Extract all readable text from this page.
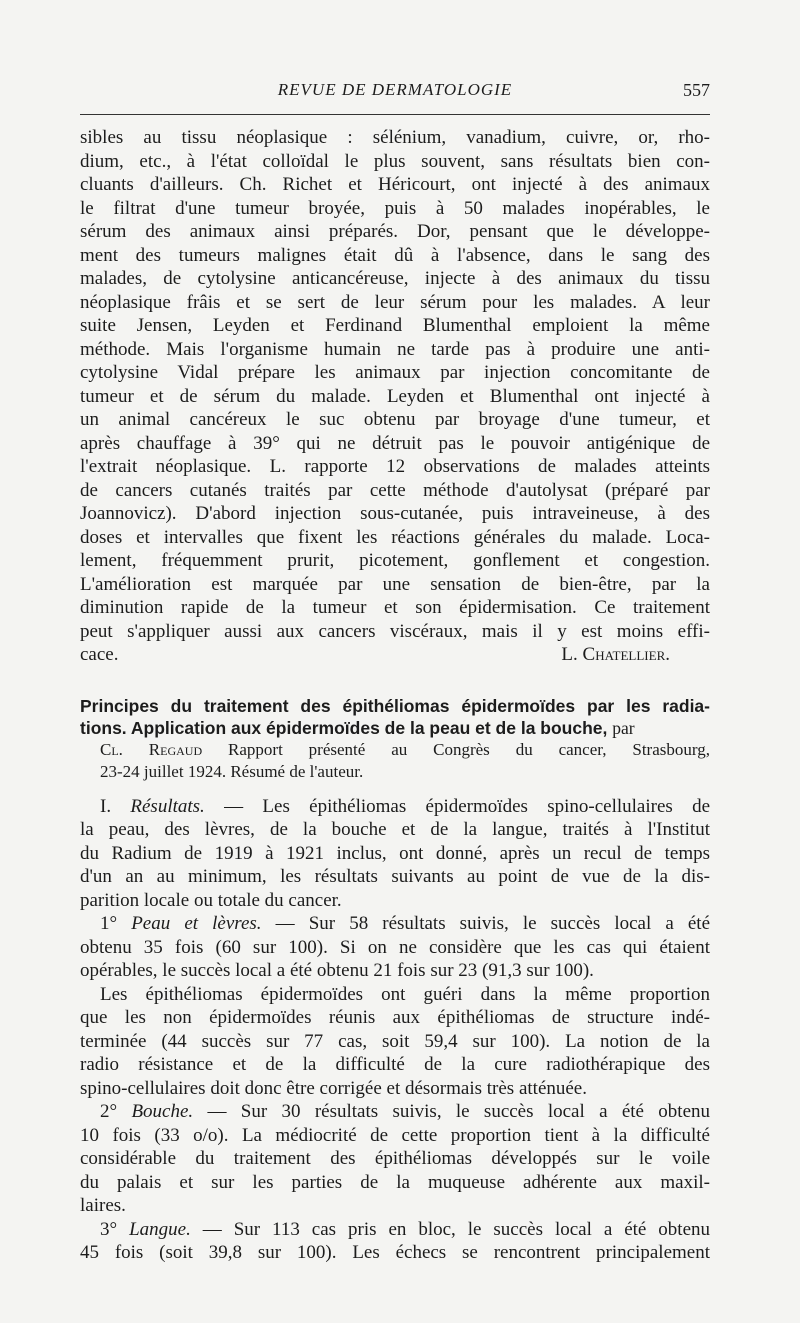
REVUE DE DERMATOLOGIE	557
sibles au tissu néoplasique : sélénium, vanadium, cuivre, or, rho-
dium, etc., à l'état colloïdal le plus souvent, sans résultats bien con-
cluants d'ailleurs. Ch. Richet et Héricourt, ont injecté à des animaux
le filtrat d'une tumeur broyée, puis à 50 malades inopérables, le
sérum des animaux ainsi préparés. Dor, pensant que le développe-
ment des tumeurs malignes était dû à l'absence, dans le sang des
malades, de cytolysine anticancéreuse, injecte à des animaux du tissu
néoplasique frâis et se sert de leur sérum pour les malades. A leur
suite Jensen, Leyden et Ferdinand Blumenthal emploient la même
méthode. Mais l'organisme humain ne tarde pas à produire une anti-
cytolysine Vidal prépare les animaux par injection concomitante de
tumeur et de sérum du malade. Leyden et Blumenthal ont injecté à
un animal cancéreux le suc obtenu par broyage d'une tumeur, et
après chauffage à 39° qui ne détruit pas le pouvoir antigénique de
l'extrait néoplasique. L. rapporte 12 observations de malades atteints
de cancers cutanés traités par cette méthode d'autolysat (préparé par
Joannovicz). D'abord injection sous-cutanée, puis intraveineuse, à des
doses et intervalles que fixent les réactions générales du malade. Loca-
lement, fréquemment prurit, picotement, gonflement et congestion.
L'amélioration est marquée par une sensation de bien-être, par la
diminution rapide de la tumeur et son épidermisation. Ce traitement
peut s'appliquer aussi aux cancers viscéraux, mais il y est moins effi-
cace.	L. Chatellier.
Principes du traitement des épithéliomas épidermoïdes par les radia-
tions. Application aux épidermoïdes de la peau et de la bouche, par
Cl. Regaud Rapport présenté au Congrès du cancer, Strasbourg,
23-24 juillet 1924. Résumé de l'auteur.
I. Résultats. — Les épithéliomas épidermoïdes spino-cellulaires de
la peau, des lèvres, de la bouche et de la langue, traités à l'Institut
du Radium de 1919 à 1921 inclus, ont donné, après un recul de temps
d'un an au minimum, les résultats suivants au point de vue de la dis-
parition locale ou totale du cancer.
1° Peau et lèvres. — Sur 58 résultats suivis, le succès local a été
obtenu 35 fois (60 sur 100). Si on ne considère que les cas qui étaient
opérables, le succès local a été obtenu 21 fois sur 23 (91,3 sur 100).
Les épithéliomas épidermoïdes ont guéri dans la même proportion
que les non épidermoïdes réunis aux épithéliomas de structure indé-
terminée (44 succès sur 77 cas, soit 59,4 sur 100). La notion de la
radio résistance et de la difficulté de la cure radiothérapique des
spino-cellulaires doit donc être corrigée et désormais très atténuée.
2° Bouche. — Sur 30 résultats suivis, le succès local a été obtenu
10 fois (33 o/o). La médiocrité de cette proportion tient à la difficulté
considérable du traitement des épithéliomas développés sur le voile
du palais et sur les parties de la muqueuse adhérente aux maxil-
laires.
3° Langue. — Sur 113 cas pris en bloc, le succès local a été obtenu
45 fois (soit 39,8 sur 100). Les échecs se rencontrent principalement
